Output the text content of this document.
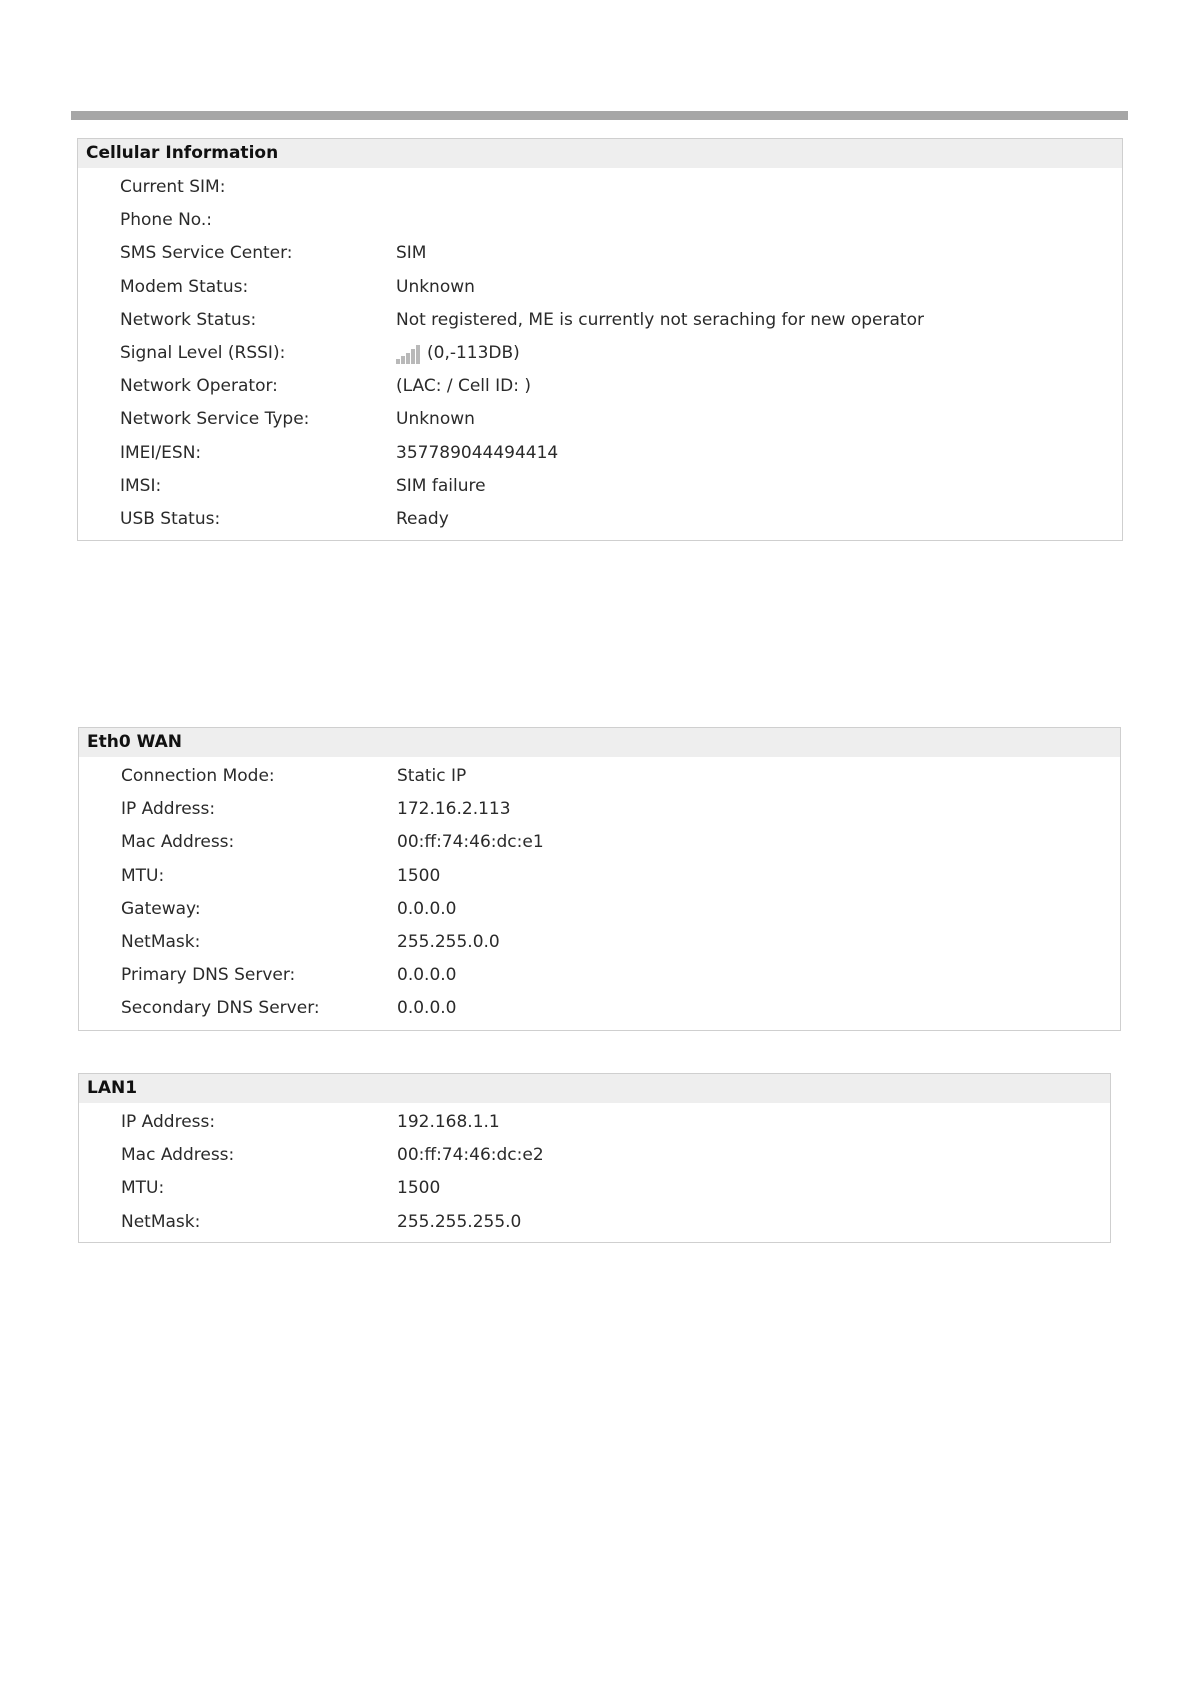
Cellular Information
Current SIM:
Phone No.:
SMS Service Center:	SIM
Modem Status:	Unknown
Network Status:	Not registered, ME is currently not seraching for new operator
Signal Level (RSSI):	(0,-113DB)
Network Operator:	(LAC: / Cell ID: )
Network Service Type:	Unknown
IMEI/ESN:	357789044494414
IMSI:	SIM failure
USB Status:	Ready
Eth0 WAN
Connection Mode:	Static IP
IP Address:	172.16.2.113
Mac Address:	00:ff:74:46:dc:e1
MTU:	1500
Gateway:	0.0.0.0
NetMask:	255.255.0.0
Primary DNS Server:	0.0.0.0
Secondary DNS Server:	0.0.0.0
LAN1
IP Address:	192.168.1.1
Mac Address:	00:ff:74:46:dc:e2
MTU:	1500
NetMask:	255.255.255.0
